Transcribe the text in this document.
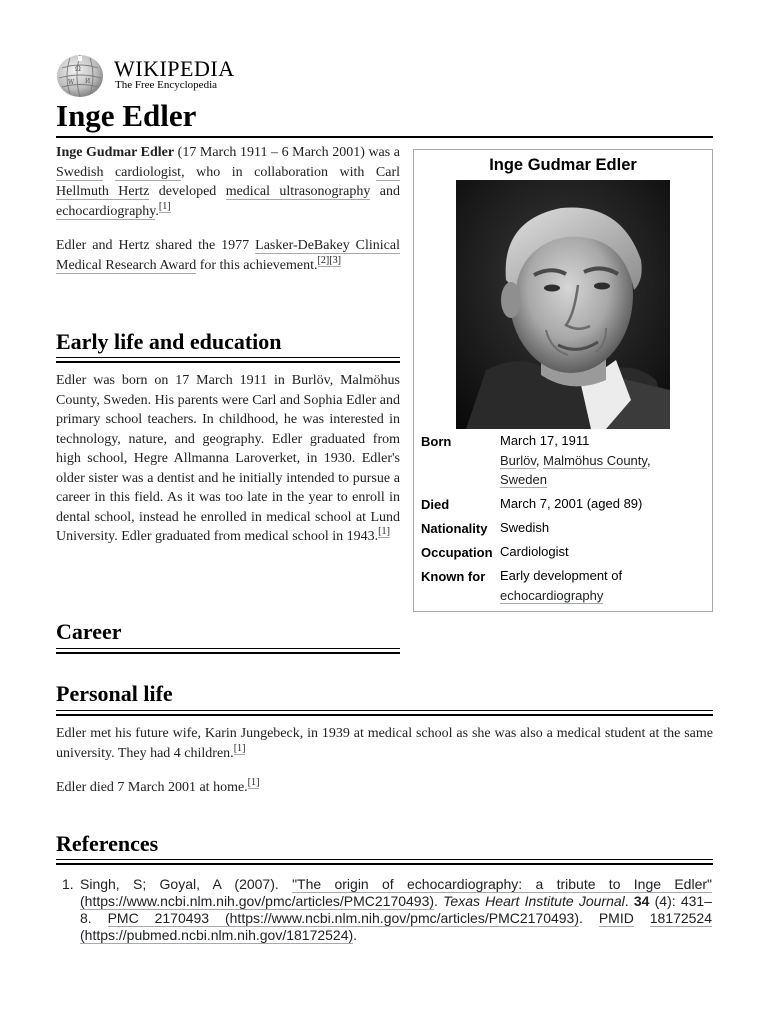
Ω
И
W
WIKIPEDIA
The Free Encyclopedia
Inge Edler

Inge Gudmar Edler (17 March 1911 – 6 March 2001) was a Swedish cardiologist, who in collaboration with Carl Hellmuth Hertz developed medical ultrasonography and echocardiography.[1]

Edler and Hertz shared the 1977 Lasker-DeBakey Clinical Medical Research Award for this achievement.[2][3]

Early life and education

Edler was born on 17 March 1911 in Burlöv, Malmöhus County, Sweden. His parents were Carl and Sophia Edler and primary school teachers. In childhood, he was interested in technology, nature, and geography. Edler graduated from high school, Hegre Allmanna Laroverket, in 1930. Edler's older sister was a dentist and he initially intended to pursue a career in this field. As it was too late in the year to enroll in dental school, instead he enrolled in medical school at Lund University. Edler graduated from medical school in 1943.[1]

Career
Personal life

Edler met his future wife, Karin Jungebeck, in 1939 at medical school as she was also a medical student at the same university. They had 4 children.[1]

Edler died 7 March 2001 at home.[1]

References
1. Singh, S; Goyal, A (2007). "The origin of echocardiography: a tribute to Inge Edler" (https://www.ncbi.nlm.nih.gov/pmc/articles/PMC2170493). Texas Heart Institute Journal. 34 (4): 431–8. PMC 2170493 (https://www.ncbi.nlm.nih.gov/pmc/articles/PMC2170493). PMID 18172524 (https://pubmed.ncbi.nlm.nih.gov/18172524).
Inge Gudmar Edler
Born	March 17, 1911
Burlöv, Malmöhus County,
Sweden
Died	March 7, 2001 (aged 89)
Nationality Swedish
Occupation Cardiologist
Known for Early development of
echocardiography
